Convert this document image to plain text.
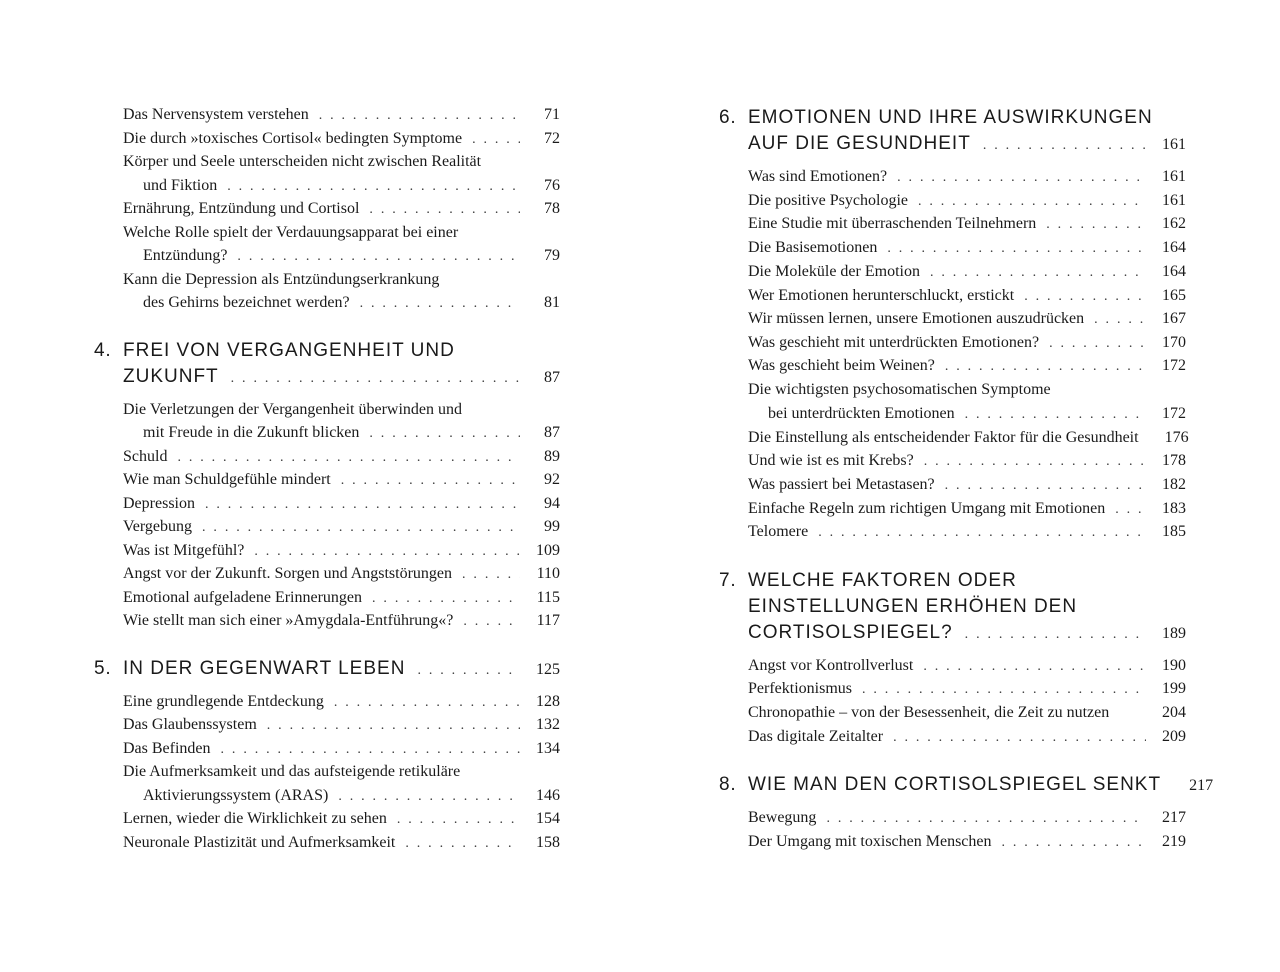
Das Nervensystem verstehen . . .	71
Die durch »toxisches Cortisol« bedingten Symptome . . .	72
Körper und Seele unterscheiden nicht zwischen Realität
und Fiktion . . .	76
Ernährung, Entzündung und Cortisol . . .	78
Welche Rolle spielt der Verdauungsapparat bei einer
Entzündung? . . .	79
Kann die Depression als Entzündungserkrankung
des Gehirns bezeichnet werden? . . .	81
4. FREI VON VERGANGENHEIT UND
ZUKUNFT . . .	87
Die Verletzungen der Vergangenheit überwinden und
mit Freude in die Zukunft blicken . . .	87
Schuld . . .	89
Wie man Schuldgefühle mindert . . .	92
Depression . . .	94
Vergebung . . .	99
Was ist Mitgefühl? . . .	109
Angst vor der Zukunft. Sorgen und Angststörungen . . .	110
Emotional aufgeladene Erinnerungen . . .	115
Wie stellt man sich einer »Amygdala-Entführung«? . . .	117
5. IN DER GEGENWART LEBEN . . .	125
Eine grundlegende Entdeckung . . .	128
Das Glaubenssystem . . .	132
Das Befinden . . .	134
Die Aufmerksamkeit und das aufsteigende retikuläre
Aktivierungssystem (ARAS) . . .	146
Lernen, wieder die Wirklichkeit zu sehen . . .	154
Neuronale Plastizität und Aufmerksamkeit . . .	158
6. EMOTIONEN UND IHRE AUSWIRKUNGEN
AUF DIE GESUNDHEIT . . .	161
Was sind Emotionen? . . .	161
Die positive Psychologie . . .	161
Eine Studie mit überraschenden Teilnehmern . . .	162
Die Basisemotionen . . .	164
Die Moleküle der Emotion . . .	164
Wer Emotionen herunterschluckt, erstickt . . .	165
Wir müssen lernen, unsere Emotionen auszudrücken . . .	167
Was geschieht mit unterdrückten Emotionen? . . .	170
Was geschieht beim Weinen? . . .	172
Die wichtigsten psychosomatischen Symptome
bei unterdrückten Emotionen . . .	172
Die Einstellung als entscheidender Faktor für die Gesundheit	176
Und wie ist es mit Krebs? . . .	178
Was passiert bei Metastasen? . . .	182
Einfache Regeln zum richtigen Umgang mit Emotionen . . .	183
Telomere . . .	185
7. WELCHE FAKTOREN ODER
EINSTELLUNGEN ERHÖHEN DEN
CORTISOLSPIEGEL? . . .	189
Angst vor Kontrollverlust . . .	190
Perfektionismus . . .	199
Chronopathie – von der Besessenheit, die Zeit zu nutzen	204
Das digitale Zeitalter . . .	209
8. WIE MAN DEN CORTISOLSPIEGEL SENKT	217
Bewegung . . .	217
Der Umgang mit toxischen Menschen . . .	219
